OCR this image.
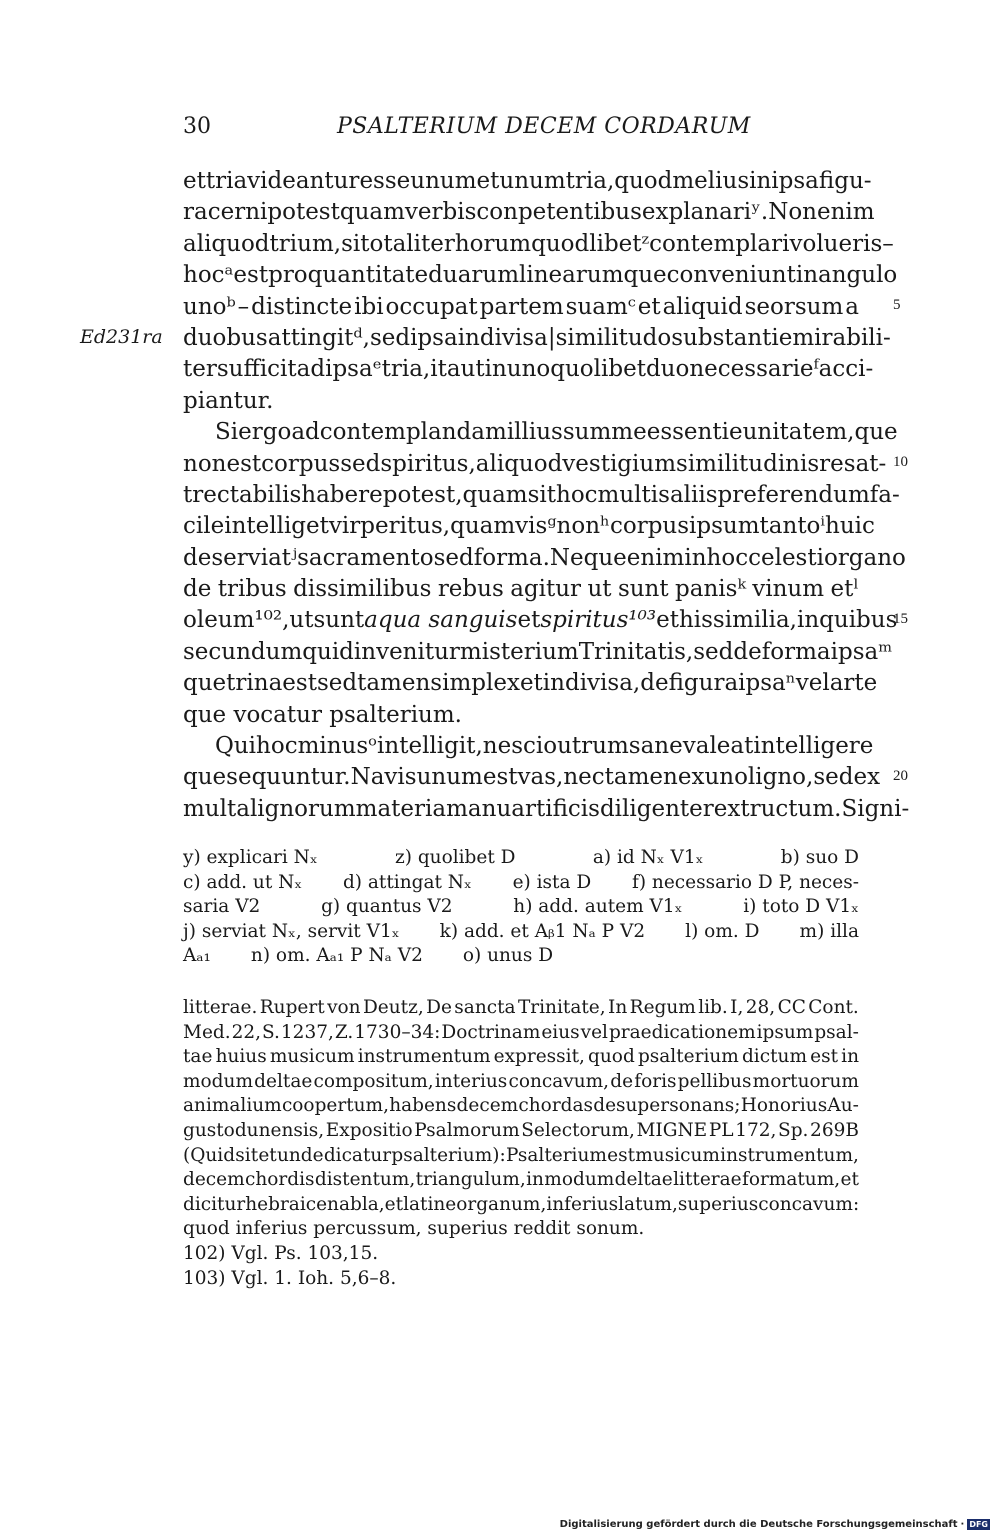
30	PSALTERIUM DECEM CORDARUM
Ed231ra
et tria videantur esse unum et unum tria, quod melius in ipsa figu-
ra cerni potest quam verbis conpetentibus explanariʸ. Non enim
aliquod trium, si totaliter horum quodlibetᶻ contemplari volueris –
hocᵃ est pro quantitate duarum linearum que conveniunt in angulo
unoᵇ – distincte ibi occupat partem suamᶜ et aliquid seorsum a
duobus attingitᵈ, sed ipsa indivisa | similitudo substantie mirabili-
ter sufficit ad ipsaᵉ tria, ita ut in uno quolibet duo necessarieᶠ acci-
piantur.
Si ergo ad contemplandam illius summe essentie unitatem, que
non est corpus sed spiritus, aliquod vestigium similitudinis res at-
trectabilis habere potest, quam sit hoc multis aliis preferendum fa-
cile intelliget vir peritus, quamvisᵍ nonʰ corpus ipsum tantoⁱ huic
deserviatʲ sacramento sed forma. Neque enim in hoc celesti organo
de tribus dissimilibus rebus agitur ut sunt panisᵏ vinum etˡ
oleum¹⁰², ut sunt aqua sanguis et spiritus¹⁰³ et his similia, in quibus
secundum quid invenitur misterium Trinitatis, sed de forma ipsaᵐ
que trina est sed tamen simplex et indivisa, de figura ipsaⁿ vel arte
que vocatur psalterium.
Qui hoc minusᵒ intelligit, nescio utrum sane valeat intelligere
que sequuntur. Navis unum est vas, nec tamen ex uno ligno, sed ex
multa lignorum materia manu artificis diligenter extructum. Signi-
5
10
15
20
y) explicari Nₓ	z) quolibet D	a) id Nₓ V1ₓ	b) suo D
c) add. ut Nₓ d) attingat Nₓ e) ista D f) necessario D P, neces-
saria V2	g) quantus V2	h) add. autem V1ₓ	i) toto D V1ₓ
j) serviat Nₓ, servit V1ₓ k) add. et Aᵦ1 Nₐ P V2 l) om. D m) illa
Aₐ₁ n) om. Aₐ₁ P Nₐ V2 o) unus D
litterae. Rupert von Deutz, De sancta Trinitate, In Regum lib. I, 28, CC Cont.
Med. 22, S. 1237, Z. 1730–34: Doctrinam eius vel praedicationem ipsum psal-
tae huius musicum instrumentum expressit, quod psalterium dictum est in
modum deltae compositum, interius concavum, de foris pellibus mortuorum
animalium coopertum, habens decem chordas desuper sonans; Honorius Au-
gustodunensis, Expositio Psalmorum Selectorum, MIGNE PL 172, Sp. 269B
(Quid sit et unde dicatur psalterium): Psalterium est musicum instrumentum,
decem chordis distentum, triangulum, in modum deltae litterae formatum, et
dicitur hebraice nabla, et latine organum, inferius latum, superius concavum:
quod inferius percussum, superius reddit sonum.
102) Vgl. Ps. 103,15.
103) Vgl. 1. Ioh. 5,6–8.
Digitalisierung gefördert durch die Deutsche Forschungsgemeinschaft · DFG
